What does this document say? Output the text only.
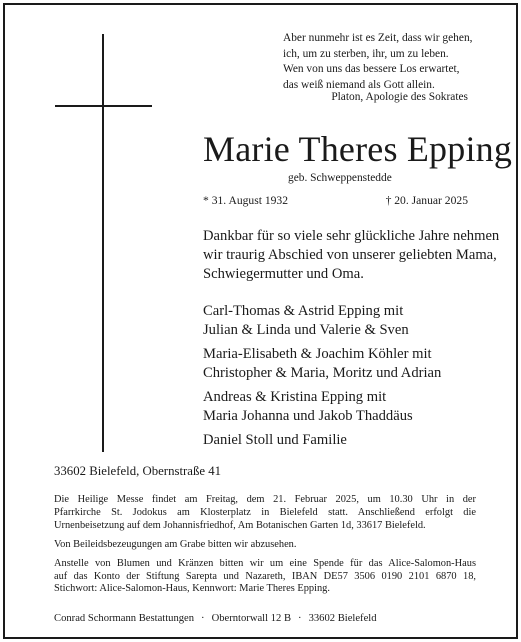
Aber nunmehr ist es Zeit, dass wir gehen,
ich, um zu sterben, ihr, um zu leben.
Wen von uns das bessere Los erwartet,
das weiß niemand als Gott allein.
Platon, Apologie des Sokrates
Marie Theres Epping
geb. Schweppenstedde
* 31. August 1932	† 20. Januar 2025
Dankbar für so viele sehr glückliche Jahre nehmen
wir traurig Abschied von unserer geliebten Mama,
Schwiegermutter und Oma.
Carl-Thomas & Astrid Epping mit
Julian & Linda und Valerie & Sven
Maria-Elisabeth & Joachim Köhler mit
Christopher & Maria, Moritz und Adrian
Andreas & Kristina Epping mit
Maria Johanna und Jakob Thaddäus
Daniel Stoll und Familie
33602 Bielefeld, Obernstraße 41
Die Heilige Messe findet am Freitag, dem 21. Februar 2025, um 10.30 Uhr in der
Pfarrkirche St. Jodokus am Klosterplatz in Bielefeld statt. Anschließend erfolgt die
Urnenbeisetzung auf dem Johannisfriedhof, Am Botanischen Garten 1d, 33617 Bielefeld.
Von Beileidsbezeugungen am Grabe bitten wir abzusehen.
Anstelle von Blumen und Kränzen bitten wir um eine Spende für das Alice-Salomon-Haus
auf das Konto der Stiftung Sarepta und Nazareth, IBAN DE57 3506 0190 2101 6870 18,
Stichwort: Alice-Salomon-Haus, Kennwort: Marie Theres Epping.
Conrad Schormann Bestattungen · Oberntorwall 12 B · 33602 Bielefeld
